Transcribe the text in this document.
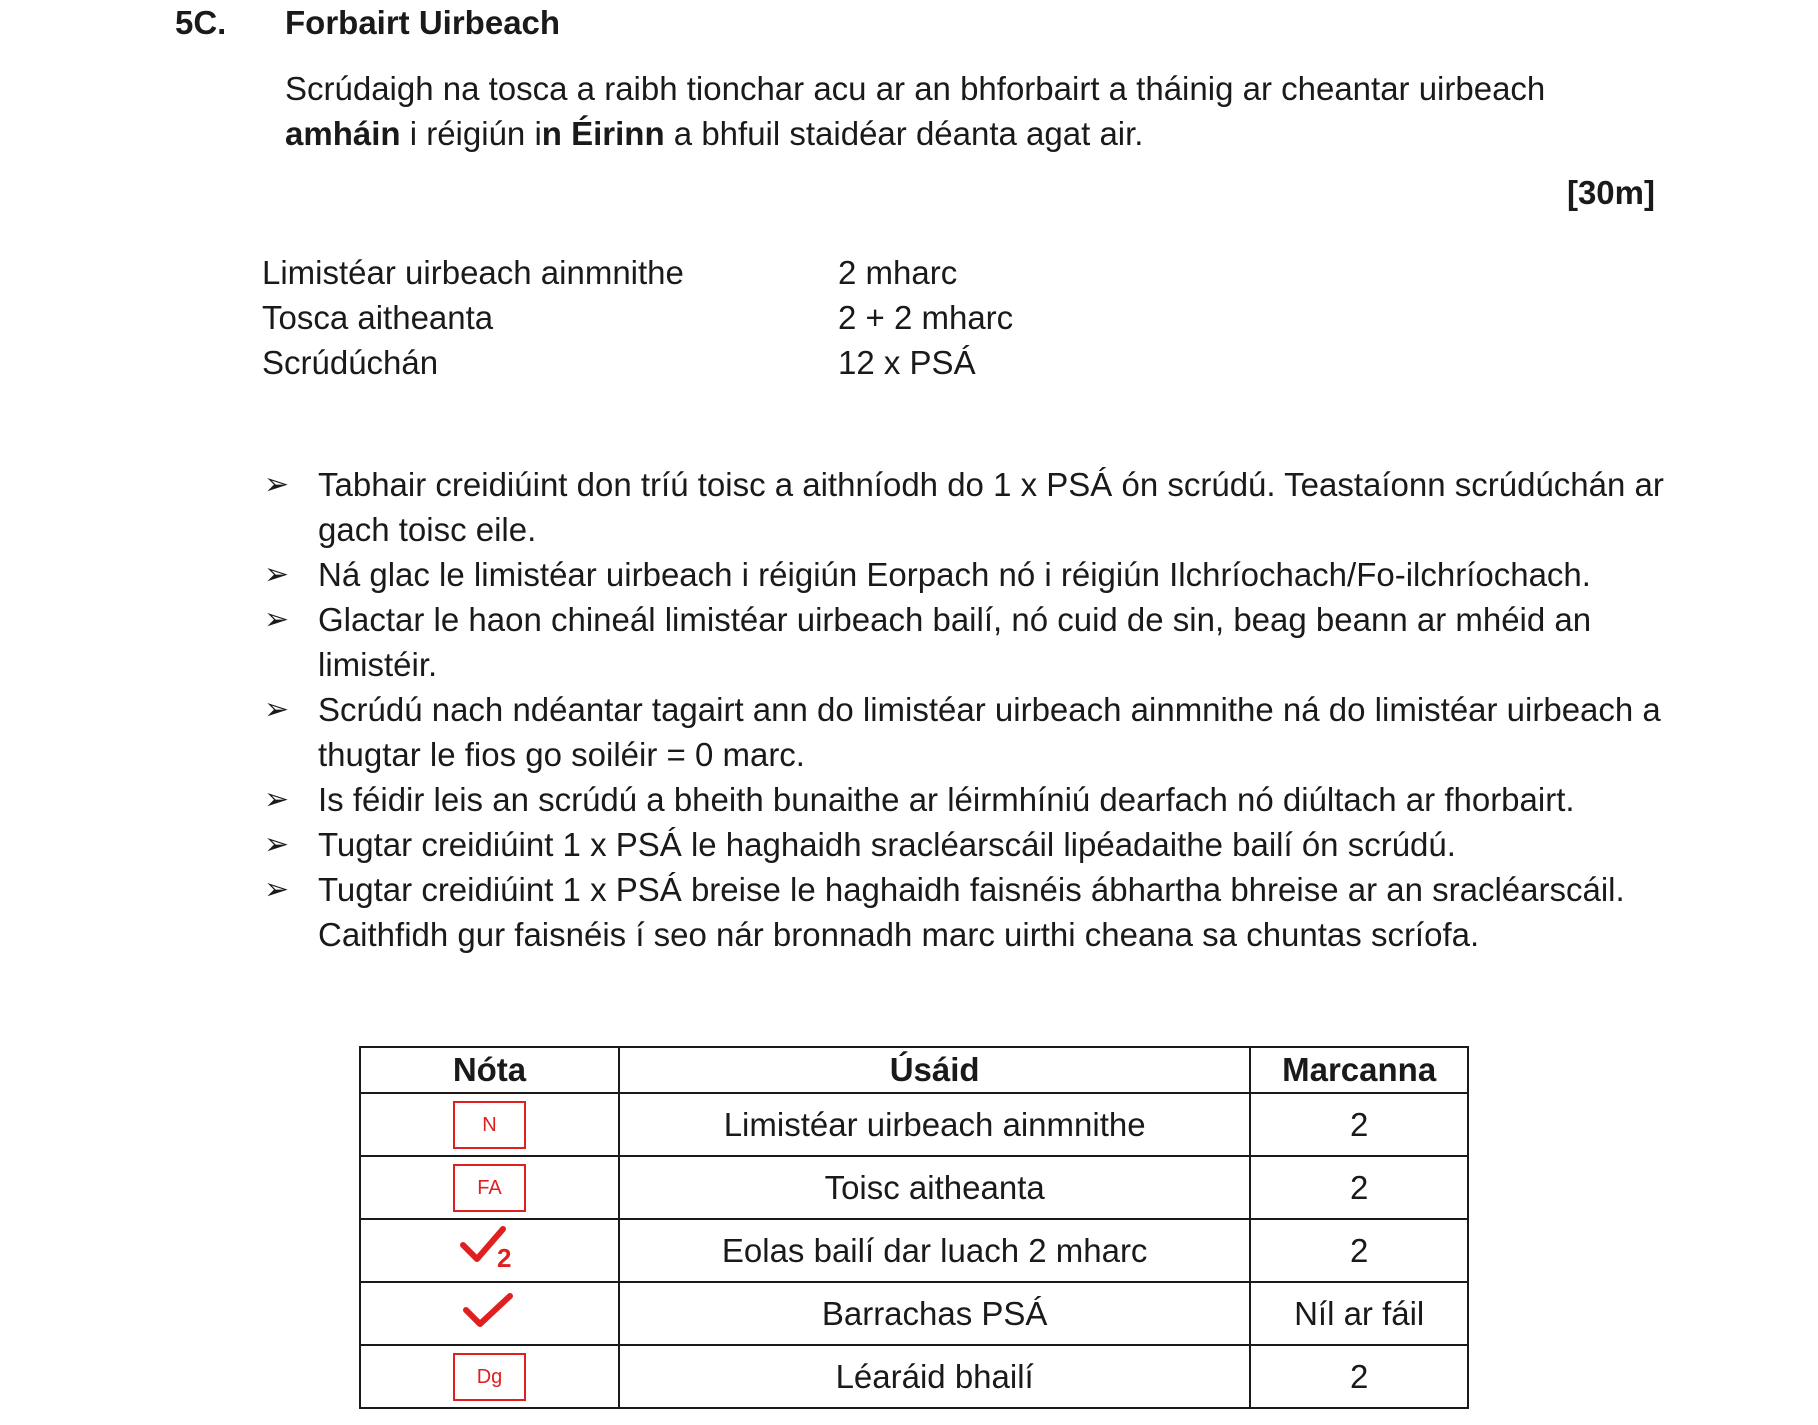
5C. Forbairt Uirbeach
Scrúdaigh na tosca a raibh tionchar acu ar an bhforbairt a tháinig ar cheantar uirbeach
amháin i réigiún in Éirinn a bhfuil staidéar déanta agat air.
[30m]
Limistéar uirbeach ainmnithe	2 mharc
Tosca aitheanta	2 + 2 mharc
Scrúdúchán	12 x PSÁ
➢ Tabhair creidiúint don tríú toisc a aithníodh do 1 x PSÁ ón scrúdú. Teastaíonn scrúdúchán ar gach toisc eile.
➢ Ná glac le limistéar uirbeach i réigiún Eorpach nó i réigiún Ilchríochach/Fo-ilchríochach.
➢ Glactar le haon chineál limistéar uirbeach bailí, nó cuid de sin, beag beann ar mhéid an limistéir.
➢ Scrúdú nach ndéantar tagairt ann do limistéar uirbeach ainmnithe ná do limistéar uirbeach a thugtar le fios go soiléir = 0 marc.
➢ Is féidir leis an scrúdú a bheith bunaithe ar léirmhíniú dearfach nó diúltach ar fhorbairt.
➢ Tugtar creidiúint 1 x PSÁ le haghaidh sracléarscáil lipéadaithe bailí ón scrúdú.
➢ Tugtar creidiúint 1 x PSÁ breise le haghaidh faisnéis ábhartha bhreise ar an sracléarscáil. Caithfidh gur faisnéis í seo nár bronnadh marc uirthi cheana sa chuntas scríofa.
Nóta	Úsáid	Marcanna
N	Limistéar uirbeach ainmnithe	2
FA	Toisc aitheanta	2

2	Eolas bailí dar luach 2 mharc	2
	Barrachas PSÁ	Níl ar fáil
Dg	Léaráid bhailí	2
